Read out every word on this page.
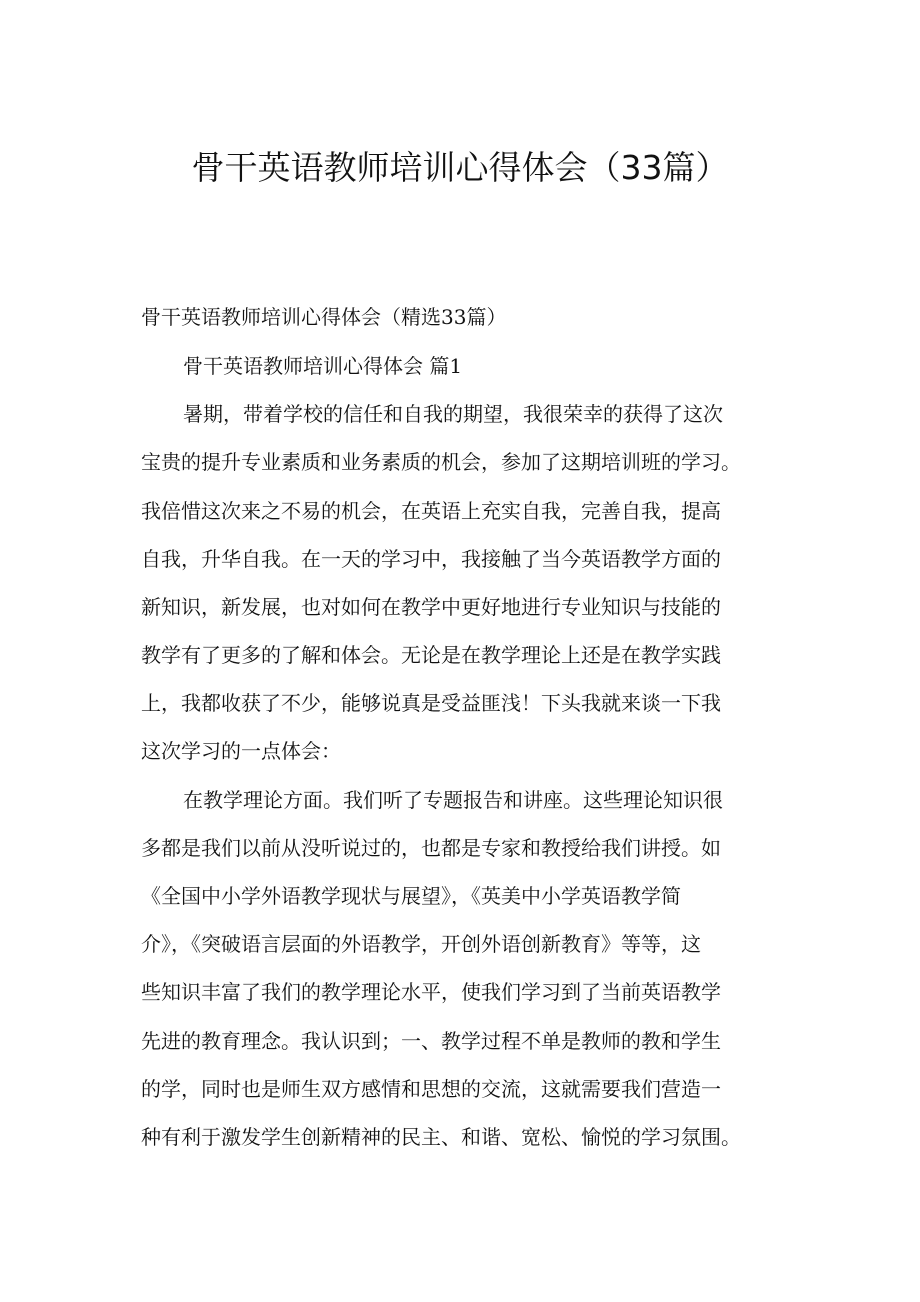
骨干英语教师培训心得体会（33篇）

骨干英语教师培训心得体会（精选33篇）

骨干英语教师培训心得体会 篇1

暑期，带着学校的信任和自我的期望，我很荣幸的获得了这次

宝贵的提升专业素质和业务素质的机会，参加了这期培训班的学习。

我倍惜这次来之不易的机会，在英语上充实自我，完善自我，提高

自我，升华自我。在一天的学习中，我接触了当今英语教学方面的

新知识，新发展，也对如何在教学中更好地进行专业知识与技能的

教学有了更多的了解和体会。无论是在教学理论上还是在教学实践

上，我都收获了不少，能够说真是受益匪浅！下头我就来谈一下我

这次学习的一点体会：

在教学理论方面。我们听了专题报告和讲座。这些理论知识很

多都是我们以前从没听说过的，也都是专家和教授给我们讲授。如

《全国中小学外语教学现状与展望》，《英美中小学英语教学简

介》，《突破语言层面的外语教学，开创外语创新教育》等等，这

些知识丰富了我们的教学理论水平，使我们学习到了当前英语教学

先进的教育理念。我认识到；一、教学过程不单是教师的教和学生

的学，同时也是师生双方感情和思想的交流，这就需要我们营造一

种有利于激发学生创新精神的民主、和谐、宽松、愉悦的学习氛围。
